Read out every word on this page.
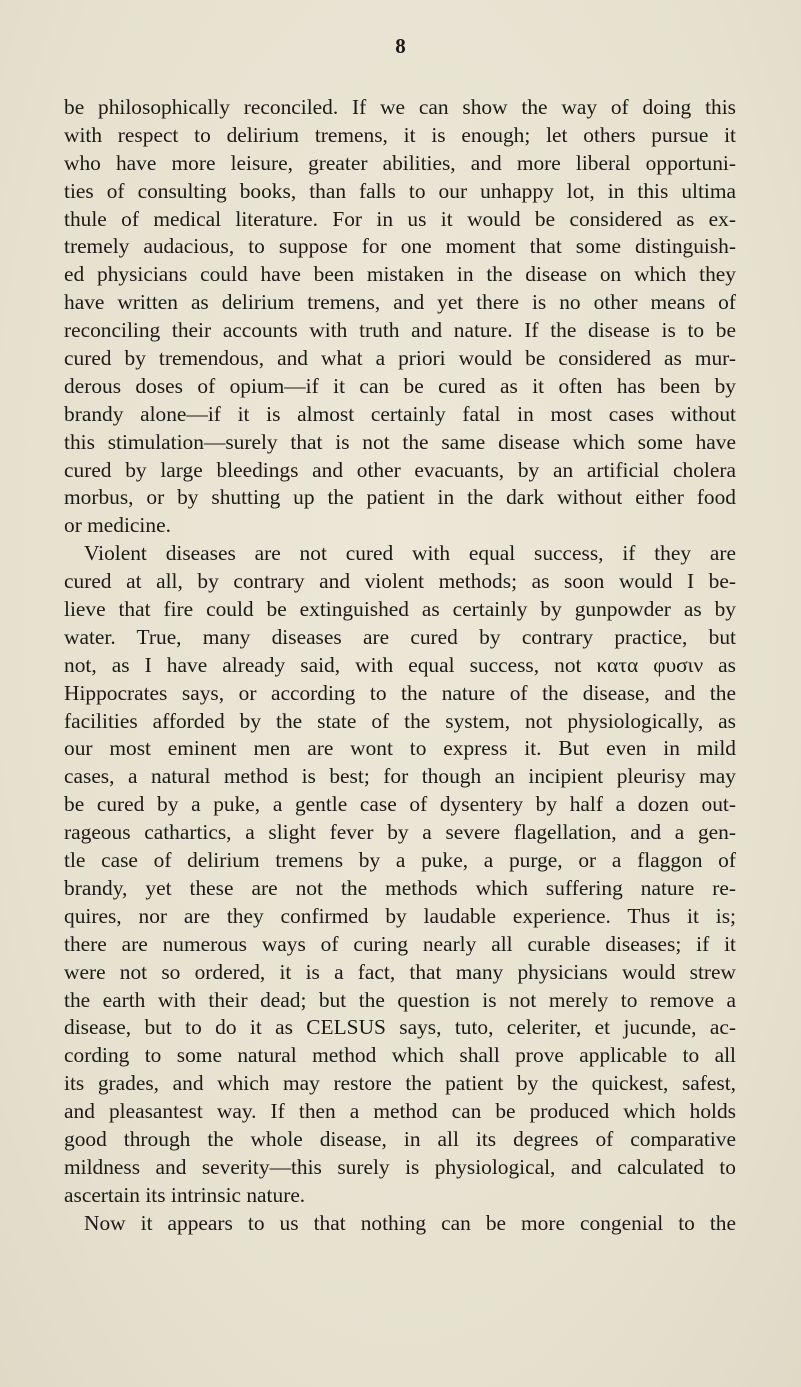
8
be philosophically reconciled. If we can show the way of doing this
with respect to delirium tremens, it is enough; let others pursue it
who have more leisure, greater abilities, and more liberal opportuni-
ties of consulting books, than falls to our unhappy lot, in this ultima
thule of medical literature. For in us it would be considered as ex-
tremely audacious, to suppose for one moment that some distinguish-
ed physicians could have been mistaken in the disease on which they
have written as delirium tremens, and yet there is no other means of
reconciling their accounts with truth and nature. If the disease is to be
cured by tremendous, and what a priori would be considered as mur-
derous doses of opium—if it can be cured as it often has been by
brandy alone—if it is almost certainly fatal in most cases without
this stimulation—surely that is not the same disease which some have
cured by large bleedings and other evacuants, by an artificial cholera
morbus, or by shutting up the patient in the dark without either food
or medicine.
Violent diseases are not cured with equal success, if they are
cured at all, by contrary and violent methods; as soon would I be-
lieve that fire could be extinguished as certainly by gunpowder as by
water. True, many diseases are cured by contrary practice, but
not, as I have already said, with equal success, not κατα φυσιν as
Hippocrates says, or according to the nature of the disease, and the
facilities afforded by the state of the system, not physiologically, as
our most eminent men are wont to express it. But even in mild
cases, a natural method is best; for though an incipient pleurisy may
be cured by a puke, a gentle case of dysentery by half a dozen out-
rageous cathartics, a slight fever by a severe flagellation, and a gen-
tle case of delirium tremens by a puke, a purge, or a flaggon of
brandy, yet these are not the methods which suffering nature re-
quires, nor are they confirmed by laudable experience. Thus it is;
there are numerous ways of curing nearly all curable diseases; if it
were not so ordered, it is a fact, that many physicians would strew
the earth with their dead; but the question is not merely to remove a
disease, but to do it as CELSUS says, tuto, celeriter, et jucunde, ac-
cording to some natural method which shall prove applicable to all
its grades, and which may restore the patient by the quickest, safest,
and pleasantest way. If then a method can be produced which holds
good through the whole disease, in all its degrees of comparative
mildness and severity—this surely is physiological, and calculated to
ascertain its intrinsic nature.
Now it appears to us that nothing can be more congenial to the
